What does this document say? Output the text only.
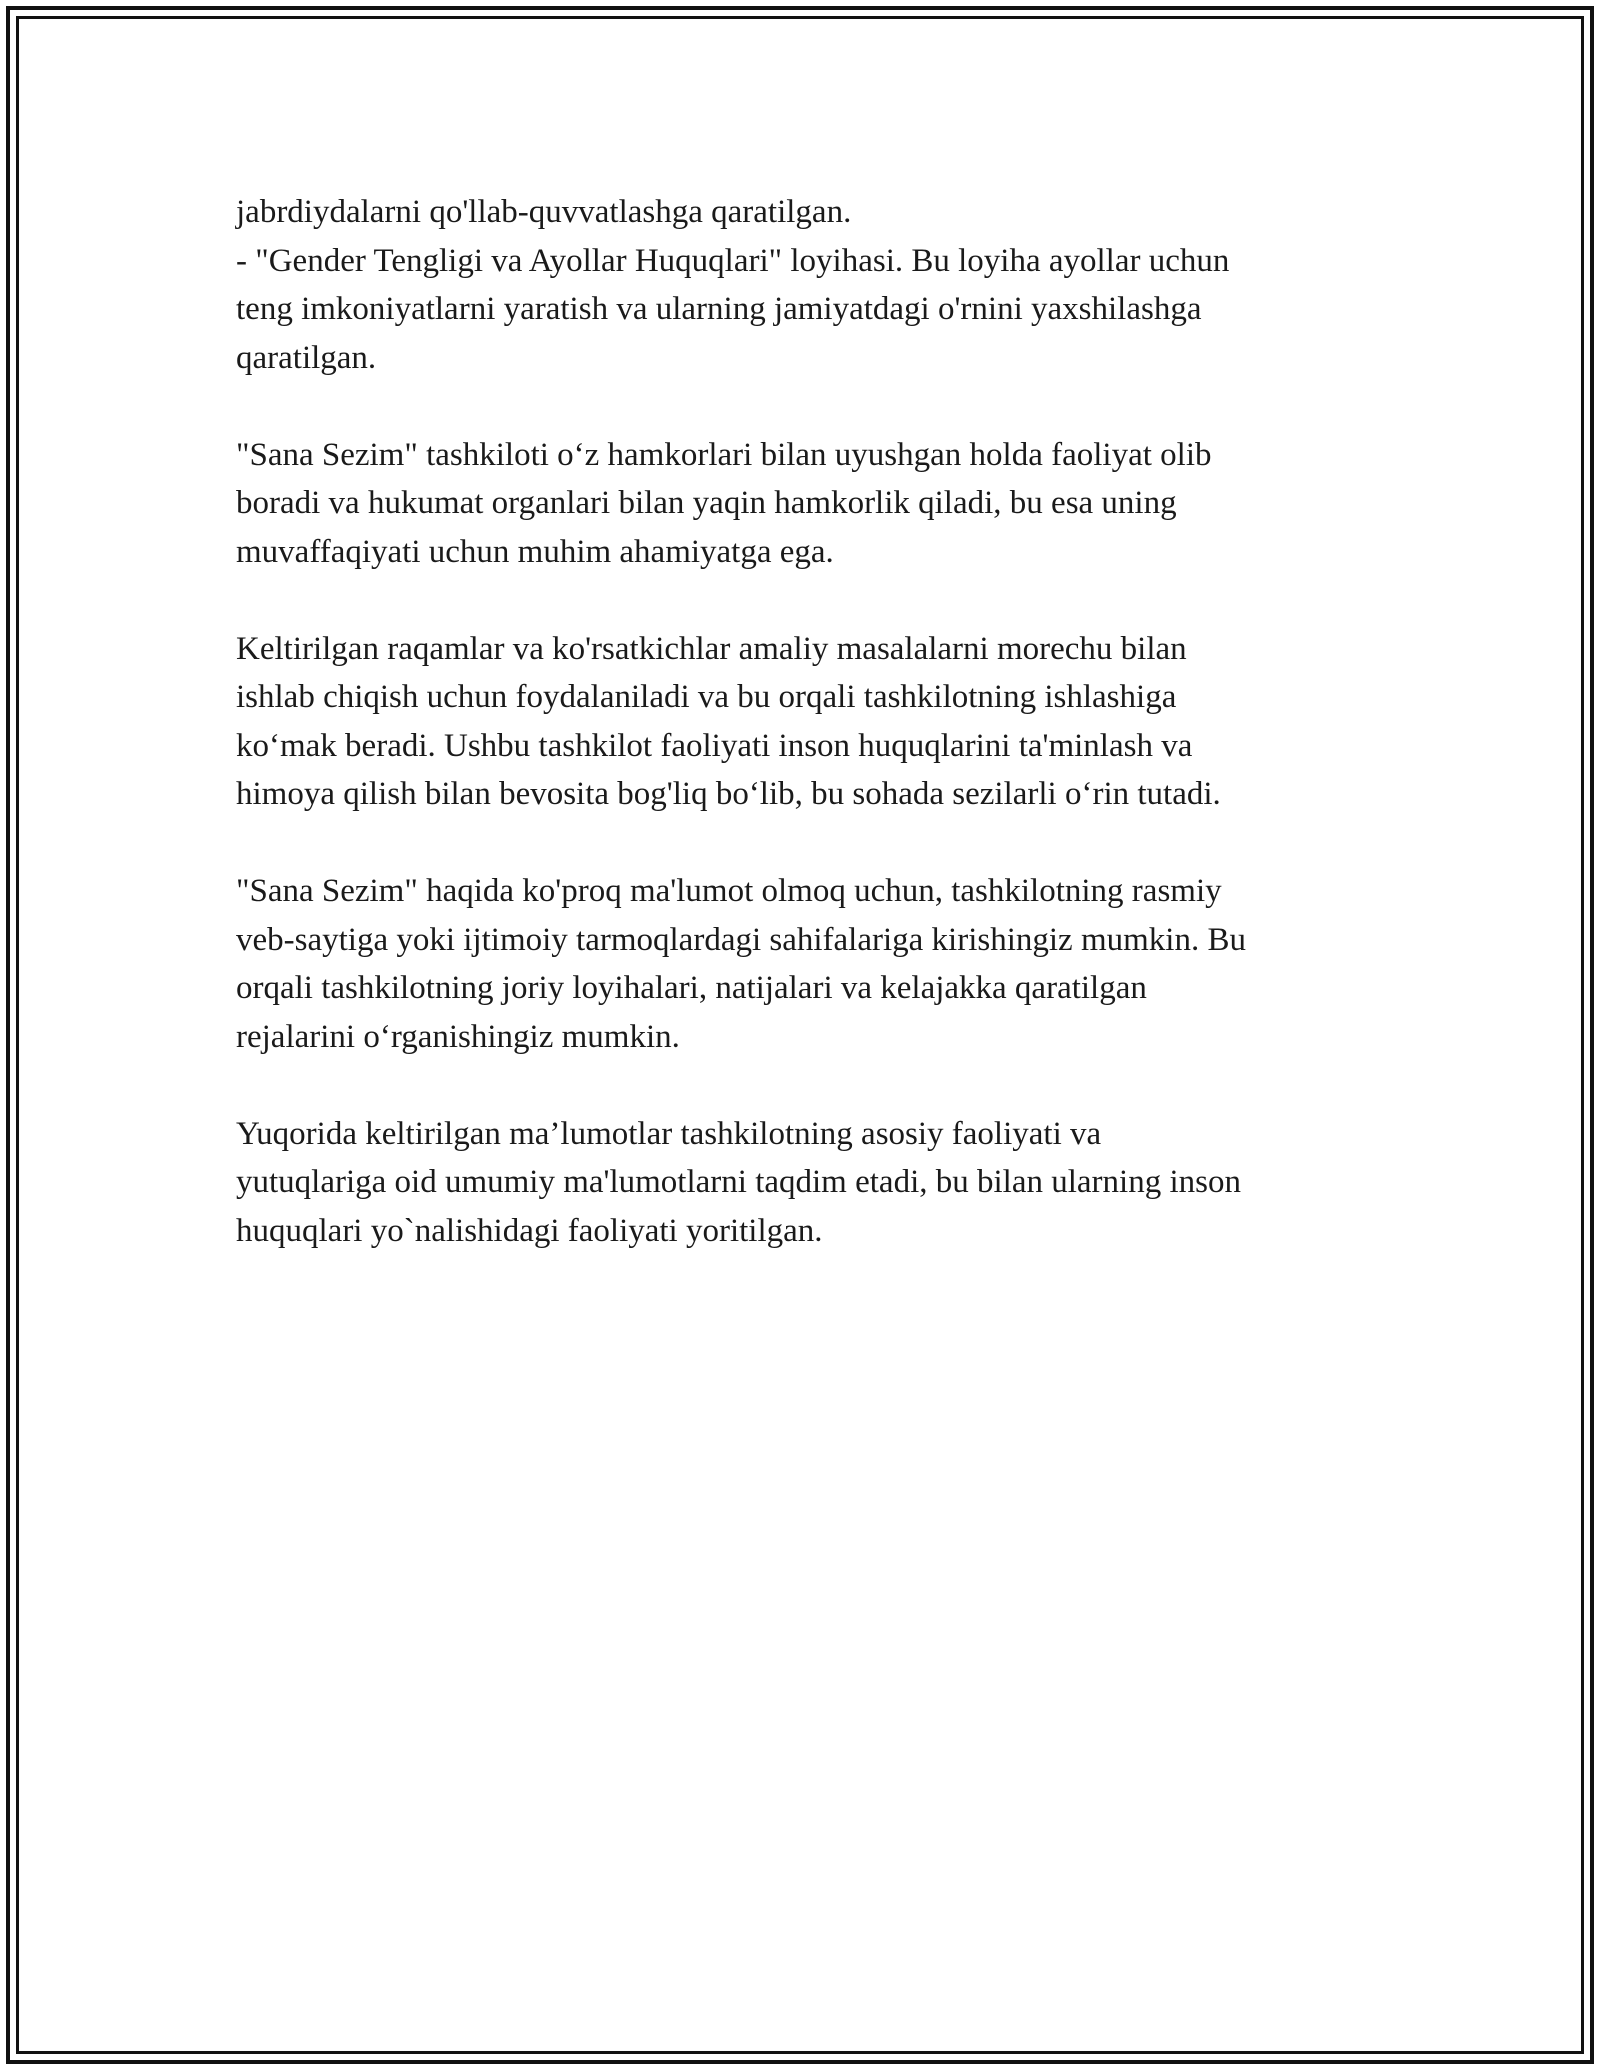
jabrdiydalarni qo'llab-quvvatlashga qaratilgan.
- "Gender Tengligi va Ayollar Huquqlari" loyihasi. Bu loyiha ayollar uchun
teng imkoniyatlarni yaratish va ularning jamiyatdagi o'rnini yaxshilashga
qaratilgan.

"Sana Sezim" tashkiloti o‘z hamkorlari bilan uyushgan holda faoliyat olib
boradi va hukumat organlari bilan yaqin hamkorlik qiladi, bu esa uning
muvaffaqiyati uchun muhim ahamiyatga ega.

Keltirilgan raqamlar va ko'rsatkichlar amaliy masalalarni morechu bilan
ishlab chiqish uchun foydalaniladi va bu orqali tashkilotning ishlashiga
ko‘mak beradi. Ushbu tashkilot faoliyati inson huquqlarini ta'minlash va
himoya qilish bilan bevosita bog'liq bo‘lib, bu sohada sezilarli o‘rin tutadi.

"Sana Sezim" haqida ko'proq ma'lumot olmoq uchun, tashkilotning rasmiy
veb-saytiga yoki ijtimoiy tarmoqlardagi sahifalariga kirishingiz mumkin. Bu
orqali tashkilotning joriy loyihalari, natijalari va kelajakka qaratilgan
rejalarini o‘rganishingiz mumkin.

Yuqorida keltirilgan ma’lumotlar tashkilotning asosiy faoliyati va
yutuqlariga oid umumiy ma'lumotlarni taqdim etadi, bu bilan ularning inson
huquqlari yo`nalishidagi faoliyati yoritilgan.
